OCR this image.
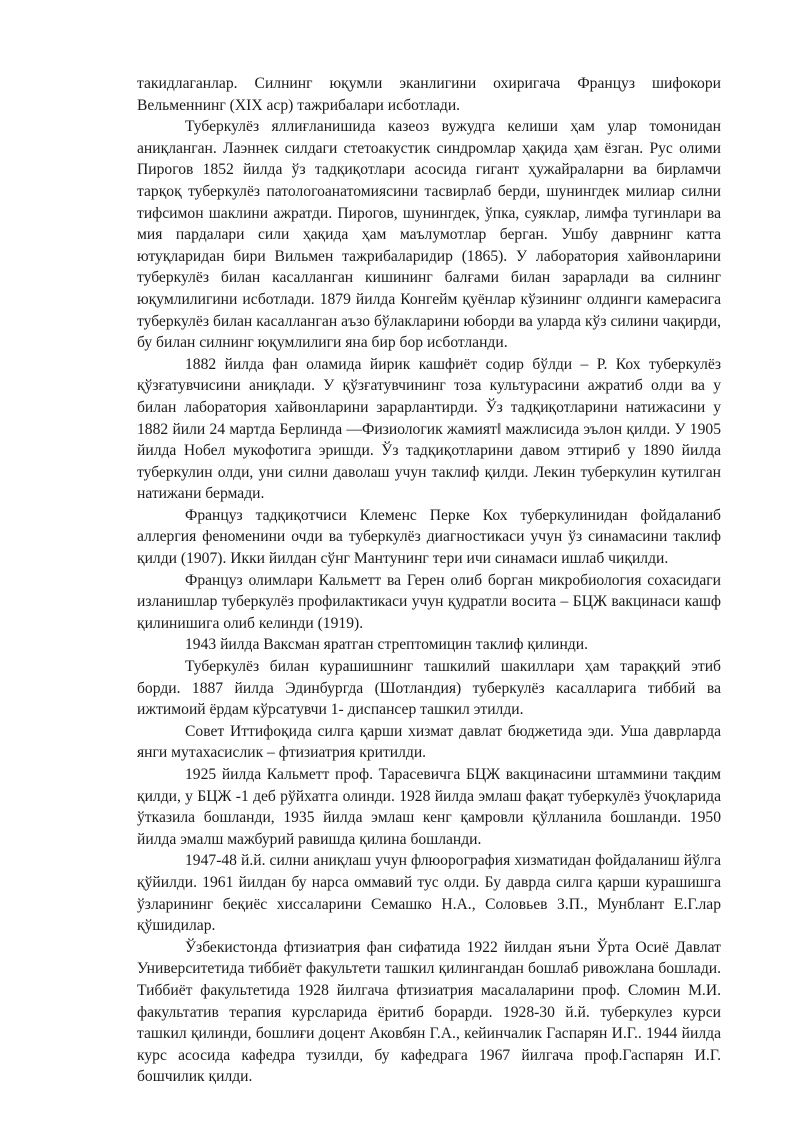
такидлаганлар. Силнинг юқумли эканлигини охиригача Француз шифокори Вельменнинг (XIX аср) тажрибалари исботлади.

Туберкулёз яллиғланишида казеоз вужудга келиши ҳам улар томонидан аниқланган. Лаэннек силдаги стетоакустик синдромлар ҳақида ҳам ёзган. Рус олими Пирогов 1852 йилда ўз тадқиқотлари асосида гигант ҳужайраларни ва бирламчи тарқоқ туберкулёз патологоанатомиясини тасвирлаб берди, шунингдек милиар силни тифсимон шаклини ажратди. Пирогов, шунингдек, ўпка, суяклар, лимфа тугинлари ва мия пардалари сили ҳақида ҳам маълумотлар берган. Ушбу даврнинг катта ютуқларидан бири Вильмен тажрибаларидир (1865). У лаборатория хайвонларини туберкулёз билан касалланган кишининг балғами билан зарарлади ва силнинг юқумлилигини исботлади. 1879 йилда Конгейм қуёнлар кўзининг олдинги камерасига туберкулёз билан касалланган аъзо бўлакларини юборди ва уларда кўз силини чақирди, бу билан силнинг юқумлилиги яна бир бор исботланди.

1882 йилда фан оламида йирик кашфиёт содир бўлди – Р. Кох туберкулёз қўзғатувчисини аниқлади. У қўзғатувчининг тоза культурасини ажратиб олди ва у билан лаборатория хайвонларини зарарлантирди. Ўз тадқиқотларини натижасини у 1882 йили 24 мартда Берлинда ―Физиологик жамият‖ мажлисида эълон қилди. У 1905 йилда Нобел мукофотига эришди. Ўз тадқиқотларини давом эттириб у 1890 йилда туберкулин олди, уни силни даволаш учун таклиф қилди. Лекин туберкулин кутилган натижани бермади.

Француз тадқиқотчиси Клеменс Перке Кох туберкулинидан фойдаланиб аллергия феноменини очди ва туберкулёз диагностикаси учун ўз синамасини таклиф қилди (1907). Икки йилдан сўнг Мантунинг тери ичи синамаси ишлаб чиқилди.

Француз олимлари Кальметт ва Герен олиб борган микробиология сохасидаги изланишлар туберкулёз профилактикаси учун қудратли восита – БЦЖ вакцинаси кашф қилинишига олиб келинди (1919).

1943 йилда Ваксман яратган стрептомицин таклиф қилинди.

Туберкулёз билан курашишнинг ташкилий шакиллари ҳам тараққий этиб борди. 1887 йилда Эдинбургда (Шотландия) туберкулёз касалларига тиббий ва ижтимоий ёрдам кўрсатувчи 1- диспансер ташкил этилди.

Совет Иттифоқида силга қарши хизмат давлат бюджетида эди. Уша даврларда янги мутахасислик – фтизиатрия критилди.

1925 йилда Кальметт проф. Тарасевичга БЦЖ вакцинасини штаммини тақдим қилди, у БЦЖ -1 деб рўйхатга олинди. 1928 йилда эмлаш фақат туберкулёз ўчоқларида ўтказила бошланди, 1935 йилда эмлаш кенг қамровли қўлланила бошланди. 1950 йилда эмалш мажбурий равишда қилина бошланди.

1947-48 й.й. силни аниқлаш учун флюорография хизматидан фойдаланиш йўлга қўйилди. 1961 йилдан бу нарса оммавий тус олди. Бу даврда силга қарши курашишга ўзларининг беқиёс хиссаларини Семашко Н.А., Соловьев З.П., Мунблант Е.Г.лар қўшидилар.

Ўзбекистонда фтизиатрия фан сифатида 1922 йилдан яъни Ўрта Осиё Давлат Университетида тиббиёт факультети ташкил қилингандан бошлаб ривожлана бошлади. Тиббиёт факультетида 1928 йилгача фтизиатрия масалаларини проф. Сломин М.И. факультатив терапия курсларида ёритиб борарди. 1928-30 й.й. туберкулез курси ташкил қилинди, бошлиғи доцент Аковбян Г.А., кейинчалик Гаспарян И.Г.. 1944 йилда курс асосида кафедра тузилди, бу кафедрага 1967 йилгача проф.Гаспарян И.Г. бошчилик қилди.
